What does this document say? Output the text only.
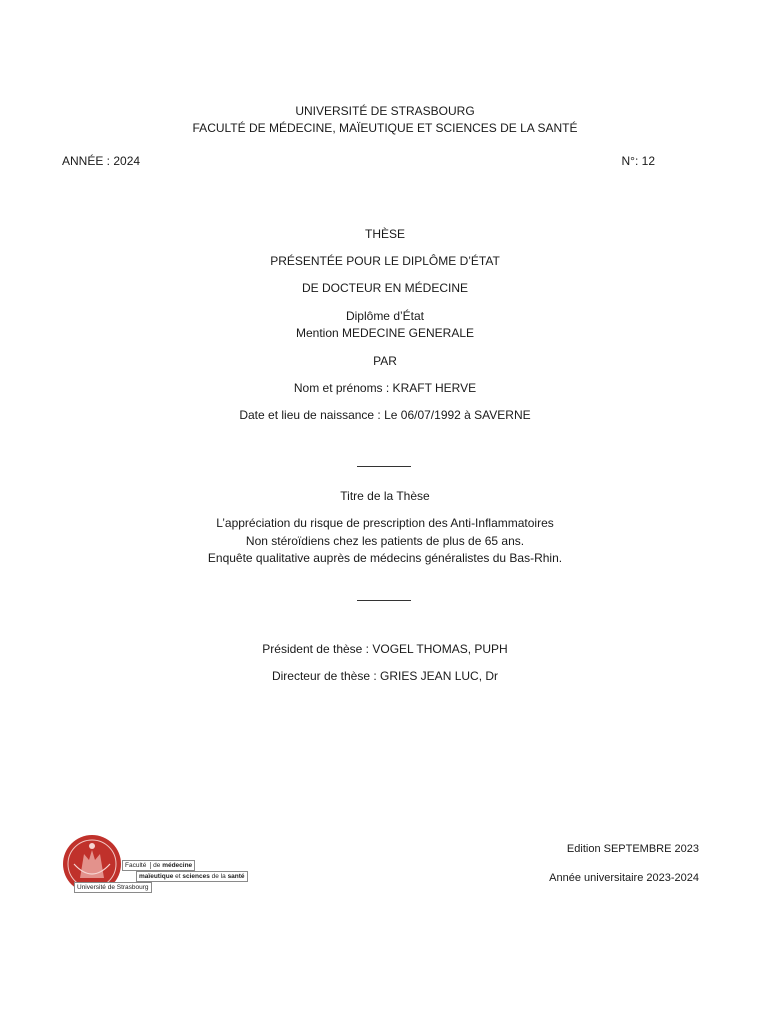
UNIVERSITÉ DE STRASBOURG
FACULTÉ DE MÉDECINE, MAÏEUTIQUE ET SCIENCES DE LA SANTÉ
ANNÉE : 2024	N°: 12
THÈSE
PRÉSENTÉE POUR LE DIPLÔME D’ÉTAT
DE DOCTEUR EN MÉDECINE
Diplôme d’État
Mention MEDECINE GENERALE
PAR
Nom et prénoms : KRAFT HERVE
Date et lieu de naissance : Le 06/07/1992 à SAVERNE
Titre de la Thèse
L’appréciation du risque de prescription des Anti-Inflammatoires
Non stéroïdiens chez les patients de plus de 65 ans.
Enquête qualitative auprès de médecins généralistes du Bas-Rhin.
Président de thèse : VOGEL THOMAS, PUPH
Directeur de thèse : GRIES JEAN LUC, Dr
Edition SEPTEMBRE 2023
Année universitaire 2023-2024
Faculté de médecine
maïeutique et sciences de la santé
Université de Strasbourg
